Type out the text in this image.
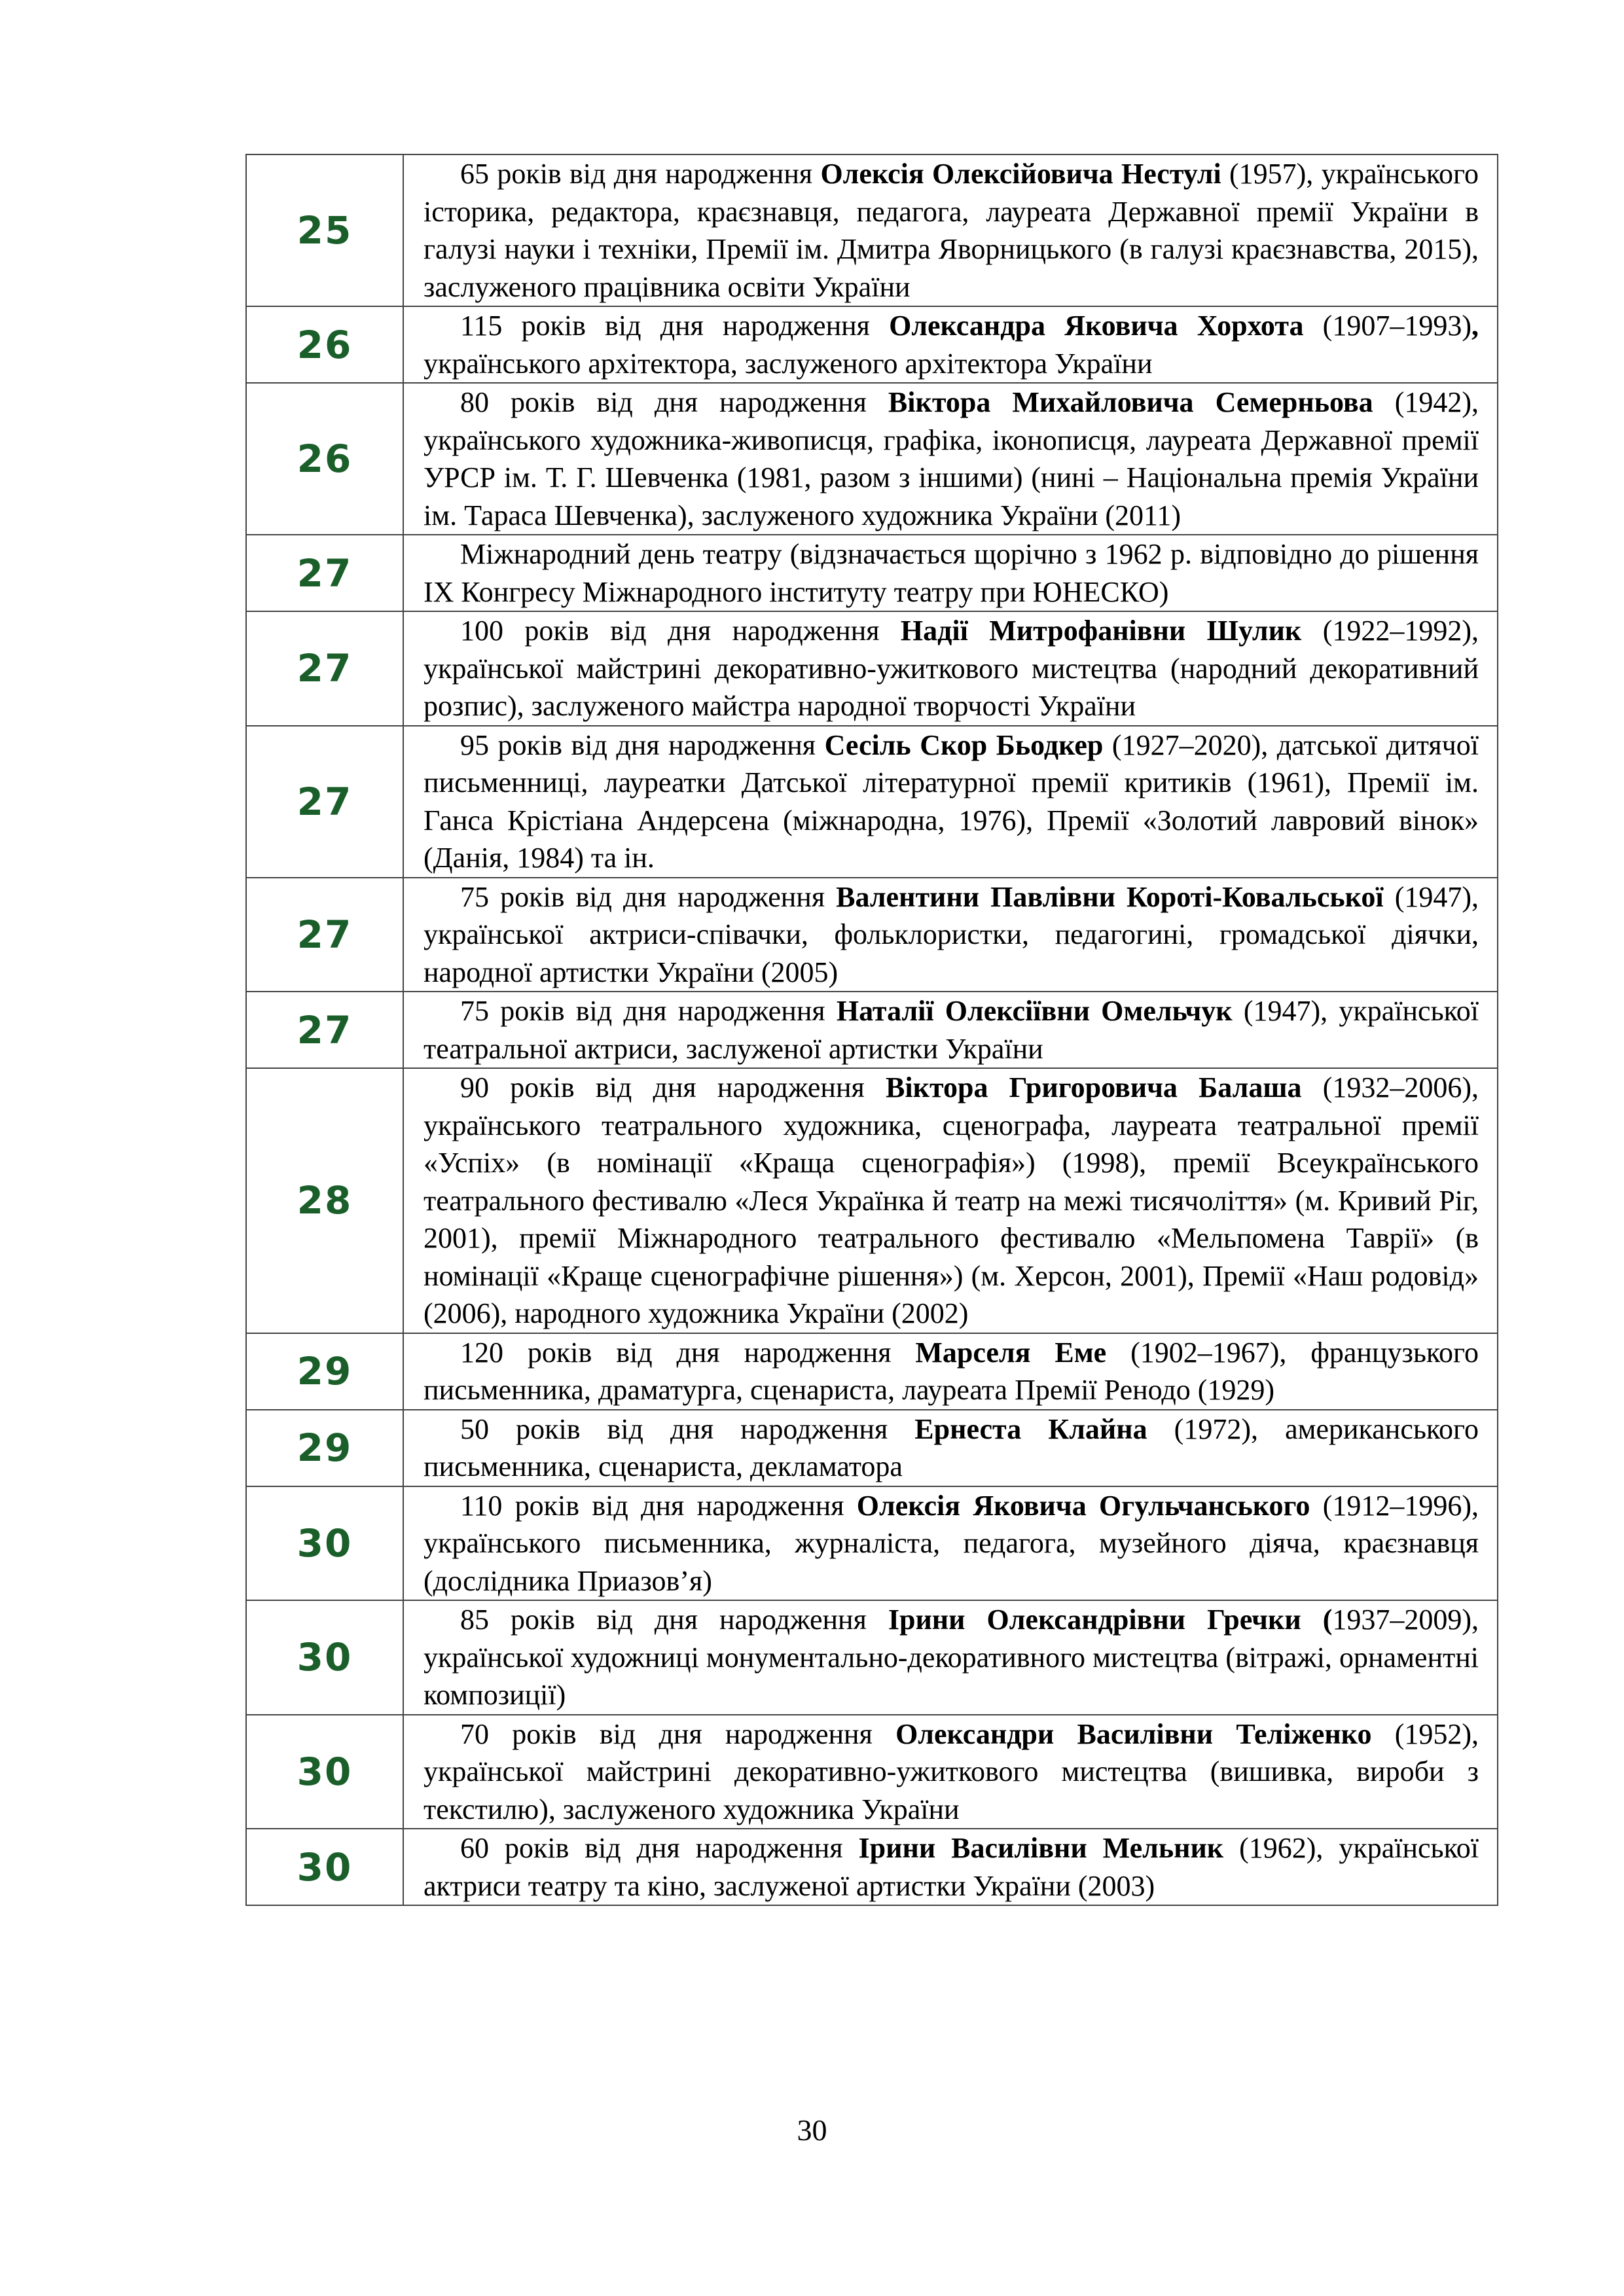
25	65 років від дня народження Олексія Олексійовича Нестулі (1957), українського історика, редактора, краєзнавця, педагога, лауреата Державної премії України в галузі науки і техніки, Премії ім. Дмитра Яворницького (в галузі краєзнавства, 2015), заслуженого працівника освіти України

26	115 років від дня народження Олександра Яковича Хорхота (1907–1993), українського архітектора, заслуженого архітектора України

26	80 років від дня народження Віктора Михайловича Семерньова (1942), українського художника-живописця, графіка, іконописця, лауреата Державної премії УРСР ім. Т. Г. Шевченка (1981, разом з іншими) (нині – Національна премія України ім. Тараса Шевченка), заслуженого художника України (2011)

27	Міжнародний день театру (відзначається щорічно з 1962 р. відповідно до рішення IX Конгресу Міжнародного інституту театру при ЮНЕСКО)

27	100 років від дня народження Надії Митрофанівни Шулик (1922–1992), української майстрині декоративно-ужиткового мистецтва (народний декоративний розпис), заслуженого майстра народної творчості України

27	95 років від дня народження Сесіль Скор Бьодкер (1927–2020), датської дитячої письменниці, лауреатки Датської літературної премії критиків (1961), Премії ім. Ганса Крістіана Андерсена (міжнародна, 1976), Премії «Золотий лавровий вінок» (Данія, 1984) та ін.

27	75 років від дня народження Валентини Павлівни Короті-Ковальської (1947), української актриси-співачки, фольклористки, педагогині, громадської діячки, народної артистки України (2005)

27	75 років від дня народження Наталії Олексіївни Омельчук (1947), української театральної актриси, заслуженої артистки України

28	90 років від дня народження Віктора Григоровича Балаша (1932–2006), українського театрального художника, сценографа, лауреата театральної премії «Успіх» (в номінації «Краща сценографія») (1998), премії Всеукраїнського театрального фестивалю «Леся Українка й театр на межі тисячоліття» (м. Кривий Ріг, 2001), премії Міжнародного театрального фестивалю «Мельпомена Таврії» (в номінації «Краще сценографічне рішення») (м. Херсон, 2001), Премії «Наш родовід» (2006), народного художника України (2002)

29	120 років від дня народження Марселя Еме (1902–1967), французького письменника, драматурга, сценариста, лауреата Премії Ренодо (1929)

29	50 років від дня народження Ернеста Клайна (1972), американського письменника, сценариста, декламатора

30	110 років від дня народження Олексія Яковича Огульчанського (1912–1996), українського письменника, журналіста, педагога, музейного діяча, краєзнавця (дослідника Приазов’я)

30	85 років від дня народження Ірини Олександрівни Гречки (1937–2009), української художниці монументально-декоративного мистецтва (вітражі, орнаментні композиції)

30	70 років від дня народження Олександри Василівни Теліженко (1952), української майстрині декоративно-ужиткового мистецтва (вишивка, вироби з текстилю), заслуженого художника України

30	60 років від дня народження Ірини Василівни Мельник (1962), української актриси театру та кіно, заслуженої артистки України (2003)

30
